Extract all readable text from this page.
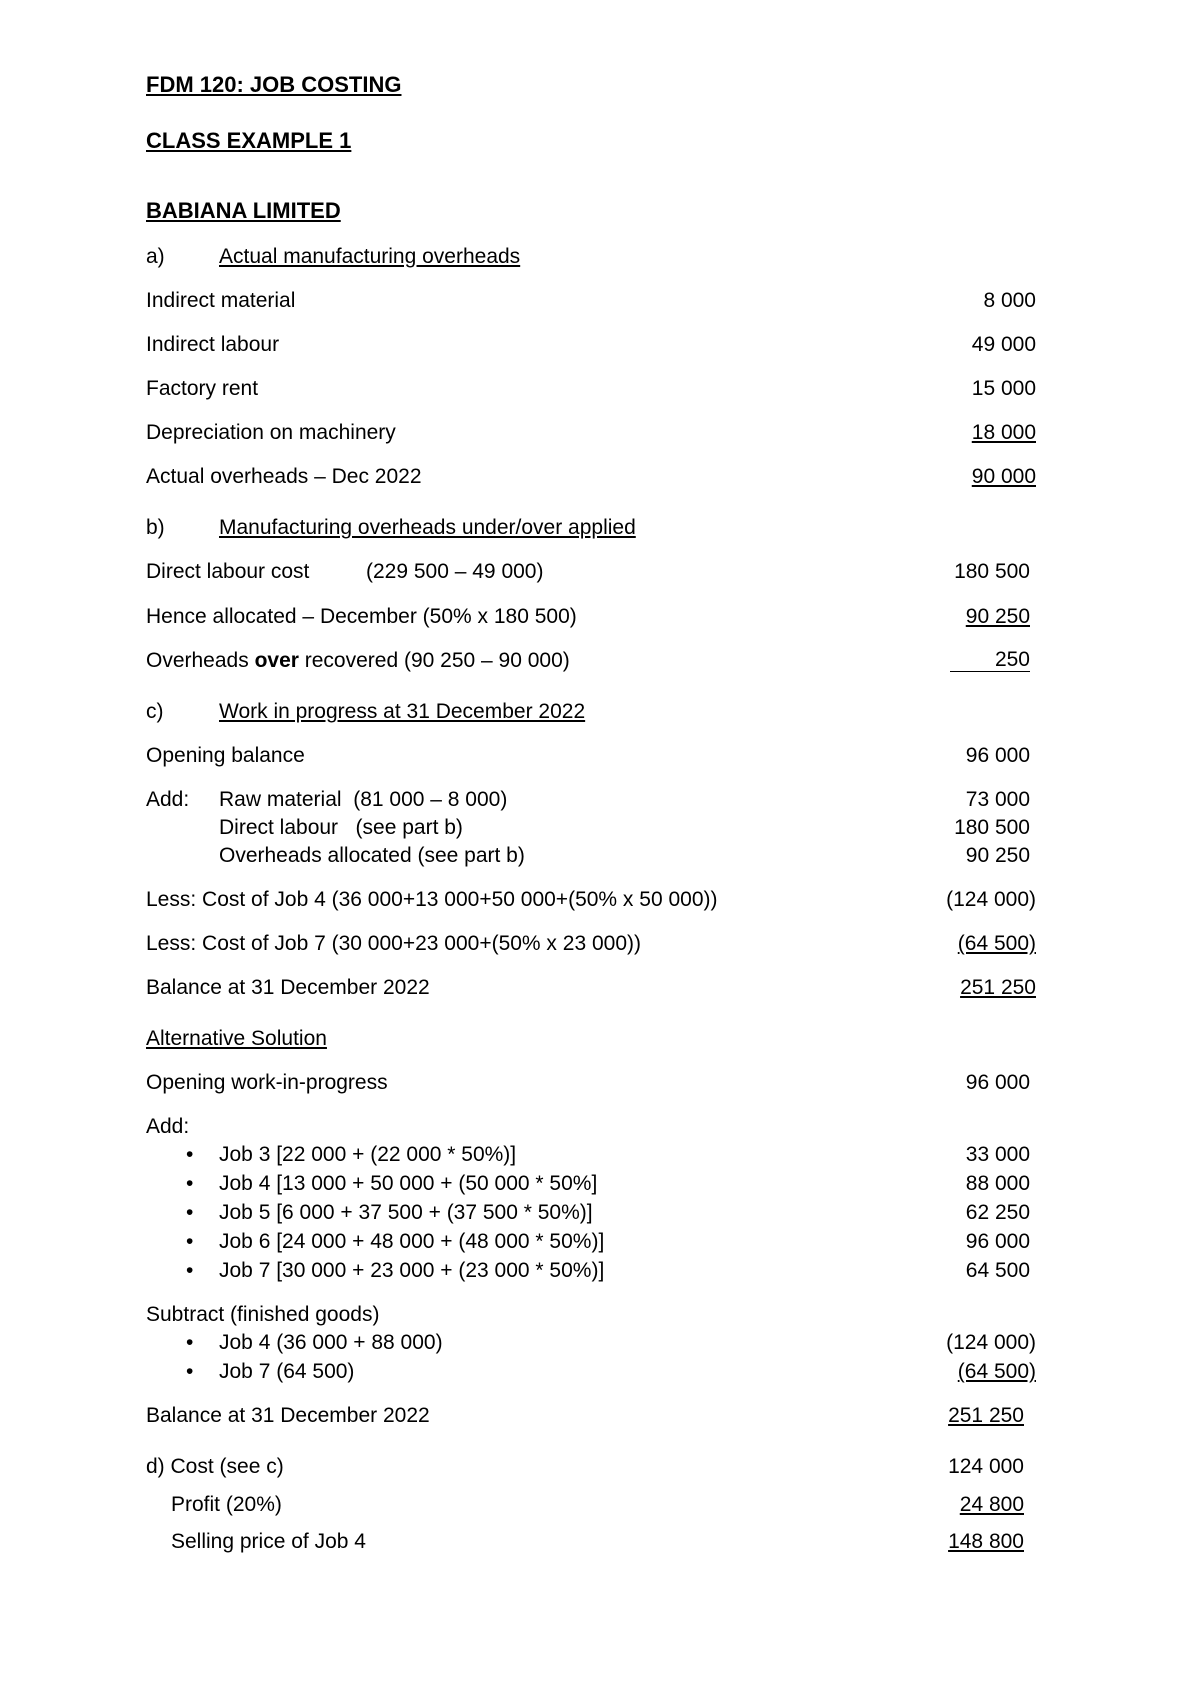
FDM 120: JOB COSTING
CLASS EXAMPLE 1
BABIANA LIMITED
a)	Actual manufacturing overheads
Indirect material	8 000
Indirect labour	49 000
Factory rent	15 000
Depreciation on machinery	18 000
Actual overheads – Dec 2022	90 000
b)	Manufacturing overheads under/over applied
Direct labour cost	(229 500 – 49 000)	180 500
Hence allocated – December (50% x 180 500)	90 250
Overheads over recovered (90 250 – 90 000)	250
c)	Work in progress at 31 December 2022
Opening balance	96 000
Add: Raw material  (81 000 – 8 000)	73 000
Direct labour   (see part b)	180 500
Overheads allocated (see part b)	90 250
Less: Cost of Job 4 (36 000+13 000+50 000+(50% x 50 000))	(124 000)
Less: Cost of Job 7 (30 000+23 000+(50% x 23 000))	(64 500)
Balance at 31 December 2022	251 250
Alternative Solution
Opening work-in-progress	96 000
Add:
• Job 3 [22 000 + (22 000 * 50%)]	33 000
• Job 4 [13 000 + 50 000 + (50 000 * 50%]	88 000
• Job 5 [6 000 + 37 500 + (37 500 * 50%)]	62 250
• Job 6 [24 000 + 48 000 + (48 000 * 50%)]	96 000
• Job 7 [30 000 + 23 000 + (23 000 * 50%)]	64 500
Subtract (finished goods)
• Job 4 (36 000 + 88 000)	(124 000)
• Job 7 (64 500)	(64 500)
Balance at 31 December 2022	251 250
d) Cost (see c)	124 000
Profit (20%)	24 800
Selling price of Job 4	148 800
